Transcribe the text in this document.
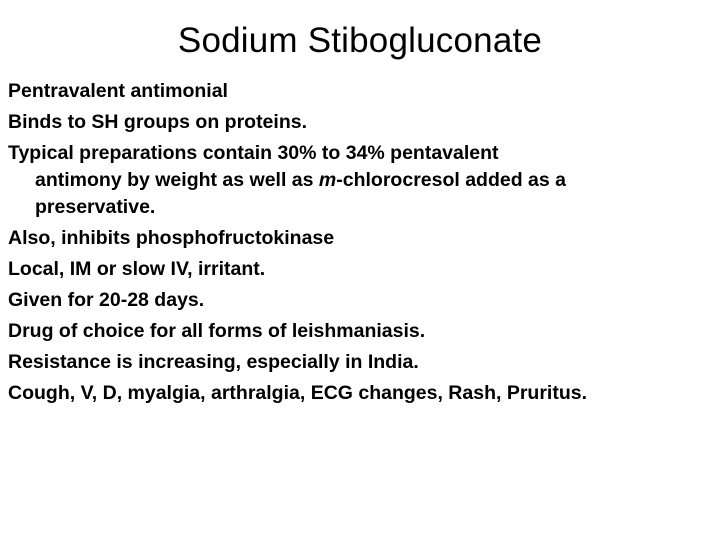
Sodium Stibogluconate
Pentravalent antimonial
Binds to SH groups on proteins.
Typical preparations contain 30% to 34% pentavalent
antimony by weight as well as m-chlorocresol added as a
preservative.
Also, inhibits phosphofructokinase
Local, IM or slow IV, irritant.
Given for 20-28 days.
Drug of choice for all forms of leishmaniasis.
Resistance is increasing, especially in India.
Cough, V, D, myalgia, arthralgia, ECG changes, Rash, Pruritus.
